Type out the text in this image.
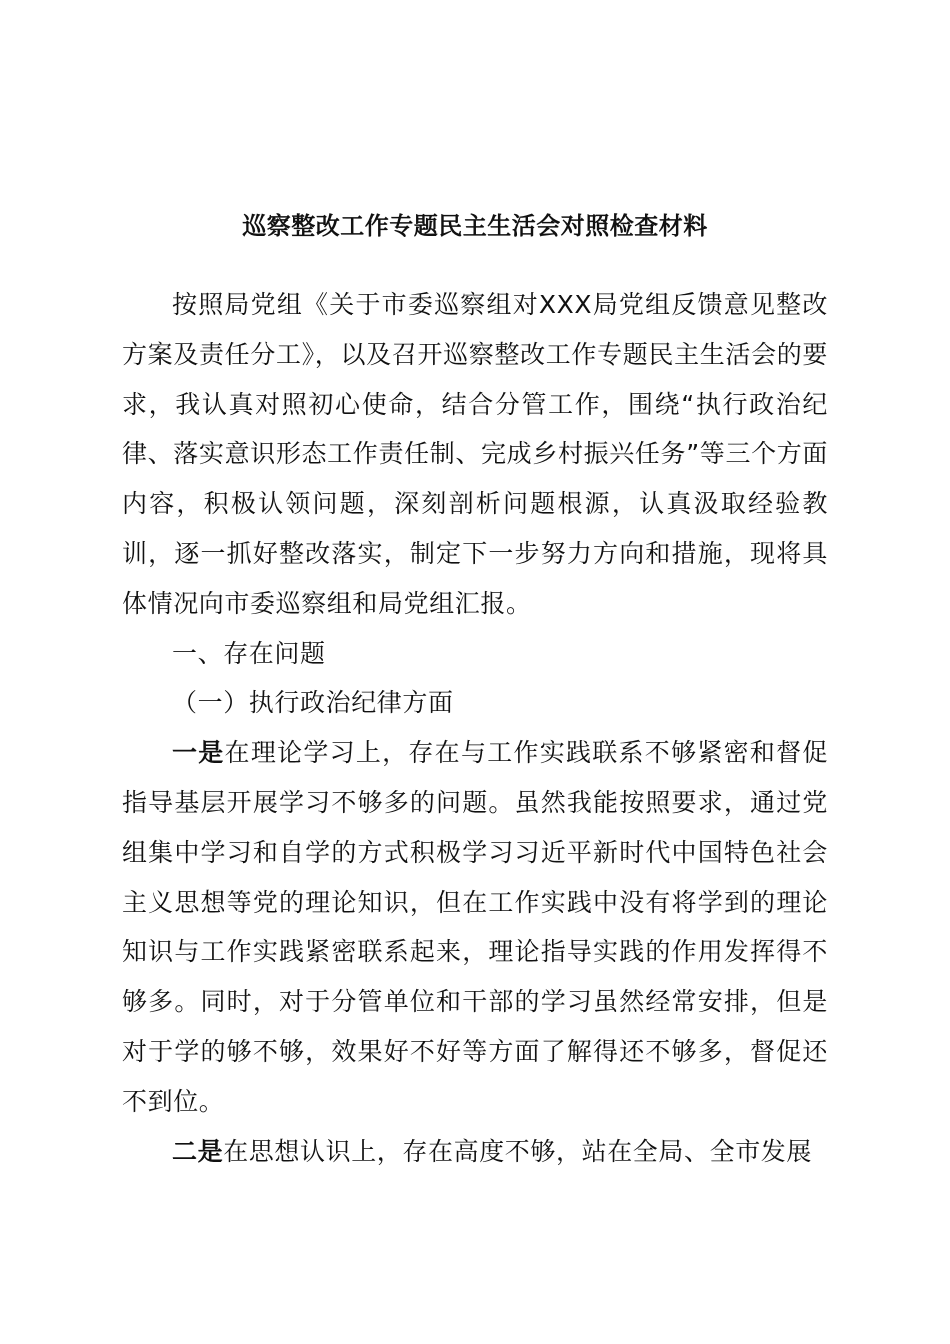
巡察整改工作专题民主生活会对照检查材料

按照局党组《关于市委巡察组对XXX局党组反馈意见整改方案及责任分工》，以及召开巡察整改工作专题民主生活会的要求，我认真对照初心使命，结合分管工作，围绕“执行政治纪律、落实意识形态工作责任制、完成乡村振兴任务”等三个方面内容，积极认领问题，深刻剖析问题根源，认真汲取经验教训，逐一抓好整改落实，制定下一步努力方向和措施，现将具体情况向市委巡察组和局党组汇报。

一、存在问题

（一）执行政治纪律方面

一是在理论学习上，存在与工作实践联系不够紧密和督促指导基层开展学习不够多的问题。虽然我能按照要求，通过党组集中学习和自学的方式积极学习习近平新时代中国特色社会主义思想等党的理论知识，但在工作实践中没有将学到的理论知识与工作实践紧密联系起来，理论指导实践的作用发挥得不够多。同时，对于分管单位和干部的学习虽然经常安排，但是对于学的够不够，效果好不好等方面了解得还不够多，督促还不到位。

二是在思想认识上，存在高度不够，站在全局、全市发展
